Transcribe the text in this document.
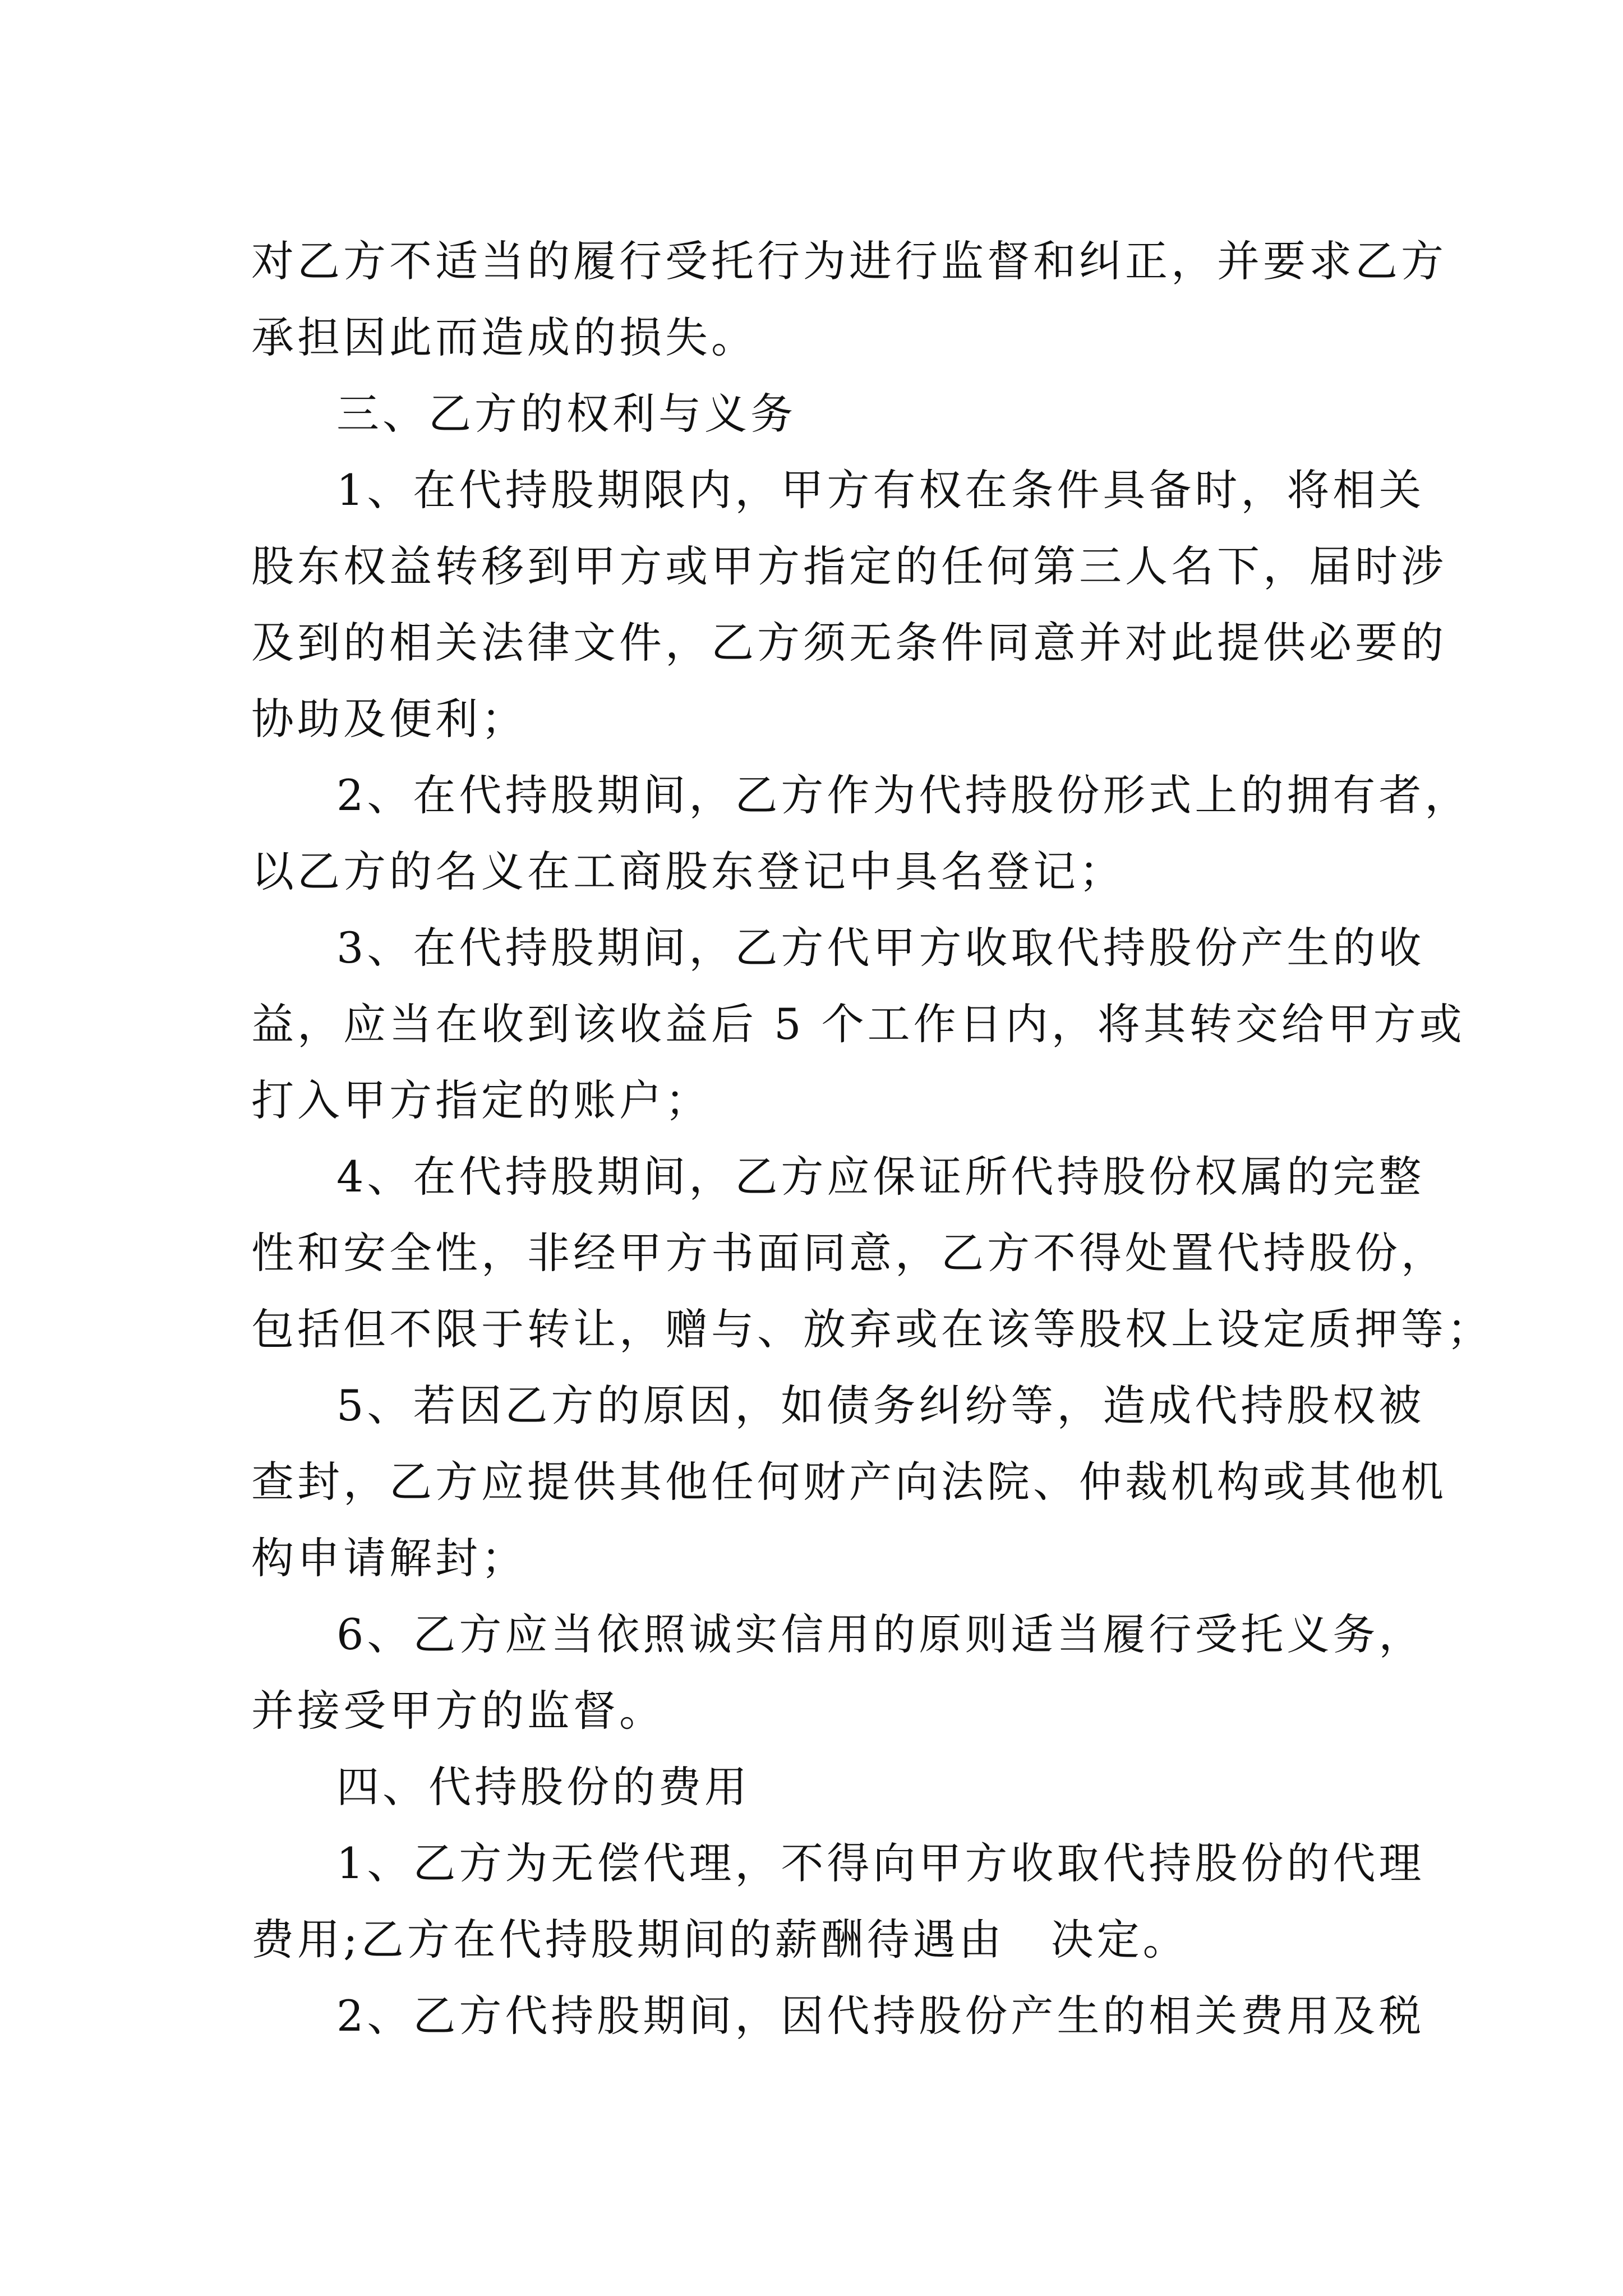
对乙方不适当的履行受托行为进行监督和纠正，并要求乙方
承担因此而造成的损失。

三、乙方的权利与义务

1、在代持股期限内，甲方有权在条件具备时，将相关
股东权益转移到甲方或甲方指定的任何第三人名下，届时涉
及到的相关法律文件，乙方须无条件同意并对此提供必要的
协助及便利；

2、在代持股期间，乙方作为代持股份形式上的拥有者，
以乙方的名义在工商股东登记中具名登记；

3、在代持股期间，乙方代甲方收取代持股份产生的收
益，应当在收到该收益后 5 个工作日内，将其转交给甲方或
打入甲方指定的账户；

4、在代持股期间，乙方应保证所代持股份权属的完整
性和安全性，非经甲方书面同意，乙方不得处置代持股份，
包括但不限于转让，赠与、放弃或在该等股权上设定质押等；

5、若因乙方的原因，如债务纠纷等，造成代持股权被
查封，乙方应提供其他任何财产向法院、仲裁机构或其他机
构申请解封；

6、乙方应当依照诚实信用的原则适当履行受托义务，
并接受甲方的监督。

四、代持股份的费用

1、乙方为无偿代理，不得向甲方收取代持股份的代理
费用;乙方在代持股期间的薪酬待遇由　决定。

2、乙方代持股期间，因代持股份产生的相关费用及税
